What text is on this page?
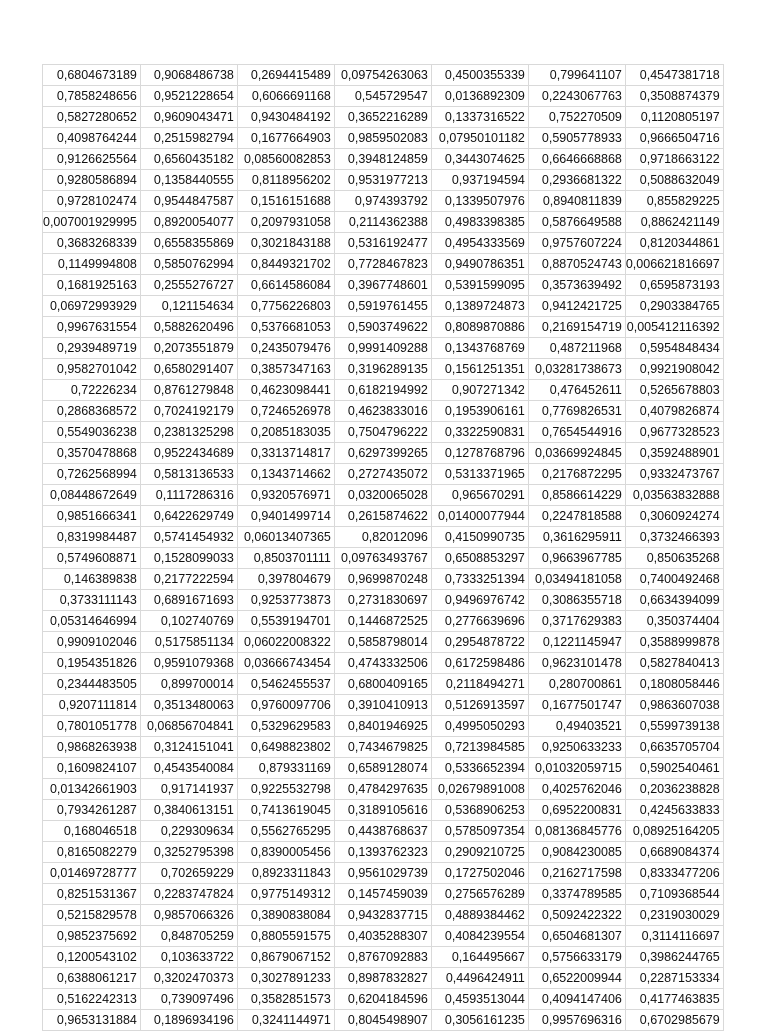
0,6804673189	0,9068486738	0,2694415489	0,09754263063	0,4500355339	0,799641107	0,4547381718
0,7858248656	0,9521228654	0,6066691168	0,545729547	0,0136892309	0,2243067763	0,3508874379
0,5827280652	0,9609043471	0,9430484192	0,3652216289	0,1337316522	0,752270509	0,1120805197
0,4098764244	0,2515982794	0,1677664903	0,9859502083	0,07950101182	0,5905778933	0,9666504716
0,9126625564	0,6560435182	0,08560082853	0,3948124859	0,3443074625	0,6646668868	0,9718663122
0,9280586894	0,1358440555	0,8118956202	0,9531977213	0,937194594	0,2936681322	0,5088632049
0,9728102474	0,9544847587	0,1516151688	0,974393792	0,1339507976	0,8940811839	0,855829225
0,007001929995	0,8920054077	0,2097931058	0,2114362388	0,4983398385	0,5876649588	0,8862421149
0,3683268339	0,6558355869	0,3021843188	0,5316192477	0,4954333569	0,9757607224	0,8120344861
0,1149994808	0,5850762994	0,8449321702	0,7728467823	0,9490786351	0,8870524743	0,006621816697
0,1681925163	0,2555276727	0,6614586084	0,3967748601	0,5391599095	0,3573639492	0,6595873193
0,06972993929	0,121154634	0,7756226803	0,5919761455	0,1389724873	0,9412421725	0,2903384765
0,9967631554	0,5882620496	0,5376681053	0,5903749622	0,8089870886	0,2169154719	0,005412116392
0,2939489719	0,2073551879	0,2435079476	0,9991409288	0,1343768769	0,487211968	0,5954848434
0,9582701042	0,6580291407	0,3857347163	0,3196289135	0,1561251351	0,03281738673	0,9921908042
0,72226234	0,8761279848	0,4623098441	0,6182194992	0,907271342	0,476452611	0,5265678803
0,2868368572	0,7024192179	0,7246526978	0,4623833016	0,1953906161	0,7769826531	0,4079826874
0,5549036238	0,2381325298	0,2085183035	0,7504796222	0,3322590831	0,7654544916	0,9677328523
0,3570478868	0,9522434689	0,3313714817	0,6297399265	0,1278768796	0,03669924845	0,3592488901
0,7262568994	0,5813136533	0,1343714662	0,2727435072	0,5313371965	0,2176872295	0,9332473767
0,08448672649	0,1117286316	0,9320576971	0,0320065028	0,965670291	0,8586614229	0,03563832888
0,9851666341	0,6422629749	0,9401499714	0,2615874622	0,01400077944	0,2247818588	0,3060924274
0,8319984487	0,5741454932	0,06013407365	0,82012096	0,4150990735	0,3616295911	0,3732466393
0,5749608871	0,1528099033	0,8503701111	0,09763493767	0,6508853297	0,9663967785	0,850635268
0,146389838	0,2177222594	0,397804679	0,9699870248	0,7333251394	0,03494181058	0,7400492468
0,3733111143	0,6891671693	0,9253773873	0,2731830697	0,9496976742	0,3086355718	0,6634394099
0,05314646994	0,102740769	0,5539194701	0,1446872525	0,2776639696	0,3717629383	0,350374404
0,9909102046	0,5175851134	0,06022008322	0,5858798014	0,2954878722	0,1221145947	0,3588999878
0,1954351826	0,9591079368	0,03666743454	0,4743332506	0,6172598486	0,9623101478	0,5827840413
0,2344483505	0,899700014	0,5462455537	0,6800409165	0,2118494271	0,280700861	0,1808058446
0,9207111814	0,3513480063	0,9760097706	0,3910410913	0,5126913597	0,1677501747	0,9863607038
0,7801051778	0,06856704841	0,5329629583	0,8401946925	0,4995050293	0,49403521	0,5599739138
0,9868263938	0,3124151041	0,6498823802	0,7434679825	0,7213984585	0,9250633233	0,6635705704
0,1609824107	0,4543540084	0,879331169	0,6589128074	0,5336652394	0,01032059715	0,5902540461
0,01342661903	0,917141937	0,9225532798	0,4784297635	0,02679891008	0,4025762046	0,2036238828
0,7934261287	0,3840613151	0,7413619045	0,3189105616	0,5368906253	0,6952200831	0,4245633833
0,168046518	0,229309634	0,5562765295	0,4438768637	0,5785097354	0,08136845776	0,08925164205
0,8165082279	0,3252795398	0,8390005456	0,1393762323	0,2909210725	0,9084230085	0,6689084374
0,01469728777	0,702659229	0,8923311843	0,9561029739	0,1727502046	0,2162717598	0,8333477206
0,8251531367	0,2283747824	0,9775149312	0,1457459039	0,2756576289	0,3374789585	0,7109368544
0,5215829578	0,9857066326	0,3890838084	0,9432837715	0,4889384462	0,5092422322	0,2319030029
0,9852375692	0,848705259	0,8805591575	0,4035288307	0,4084239554	0,6504681307	0,3114116697
0,1200543102	0,103633722	0,8679067152	0,8767092883	0,164495667	0,5756633179	0,3986244765
0,6388061217	0,3202470373	0,3027891233	0,8987832827	0,4496424911	0,6522009944	0,2287153334
0,5162242313	0,739097496	0,3582851573	0,6204184596	0,4593513044	0,4094147406	0,4177463835
0,9653131884	0,1896934196	0,3241144971	0,8045498907	0,3056161235	0,9957696316	0,6702985679
